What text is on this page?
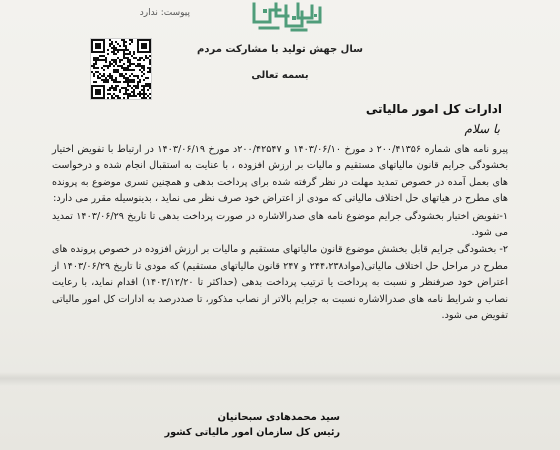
پیوست: ندارد
سال جهش تولید با مشارکت مردم
بسمه تعالی
ادارات کل امور مالیاتی
با سلام

پیرو نامه های شماره ۲۰۰/۴۱۳۵۶ د مورخ ۱۴۰۳/۰۶/۱۰ و ۲۰۰/۴۲۵۴۷د مورخ ۱۴۰۳/۰۶/۱۹ در ارتباط با تفویض اختیار بخشودگی جرایم قانون مالیاتهای مستقیم و مالیات بر ارزش افزوده ، با عنایت به استقبال انجام شده و درخواست های بعمل آمده در خصوص تمدید مهلت در نظر گرفته شده برای پرداخت بدهی و همچنین تسری موضوع به پرونده های مطرح در هیاتهای حل اختلاف مالیاتی که مودی از اعتراض خود صرف نظر می نماید ، بدینوسیله مقرر می دارد:

۱-تفویض اختیار بخشودگی جرایم موضوع نامه های صدرالاشاره در صورت پرداخت بدهی تا تاریخ ۱۴۰۳/۰۶/۲۹ تمدید می شود.

۲- بخشودگی جرایم قابل بخشش موضوع قانون مالیاتهای مستقیم و مالیات بر ارزش افزوده در خصوص پرونده های مطرح در مراحل حل اختلاف مالیاتی(مواد۲۴۴،۲۳۸ و ۲۴۷ قانون مالیاتهای مستقیم) که مودی تا تاریخ ۱۴۰۳/۰۶/۲۹ از اعتراض خود صرفنظر و نسبت به پرداخت یا ترتیب پرداخت بدهی (حداکثر تا ۱۴۰۳/۱۲/۲۰) اقدام نماید، با رعایت نصاب و شرایط نامه های صدرالاشاره نسبت به جرایم بالاتر از نصاب مذکور، تا صددرصد به ادارات کل امور مالیاتی تفویض می شود.

سید محمدهادی سبحانیان
رئیس کل سازمان امور مالیاتی کشور
